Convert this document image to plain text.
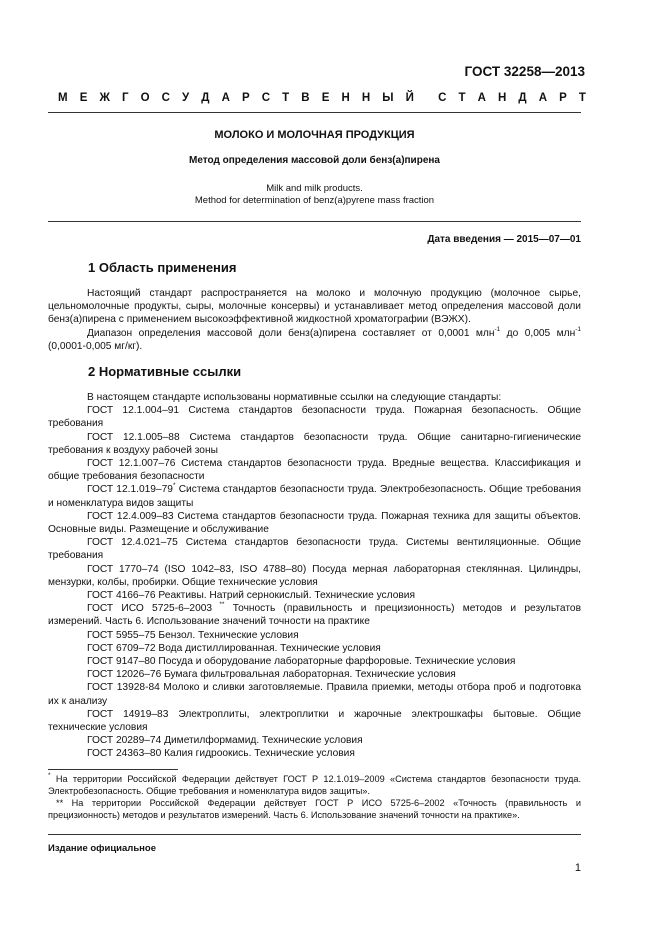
ГОСТ 32258—2013
М Е Ж Г О С У Д А Р С Т В Е Н Н Ы Й С Т А Н Д А Р Т
МОЛОКО И МОЛОЧНАЯ ПРОДУКЦИЯ
Метод определения массовой доли бенз(а)пирена
Milk and milk products.
Method for determination of benz(a)pyrene mass fraction
Дата введения — 2015—07—01
1 Область применения

Настоящий стандарт распространяется на молоко и молочную продукцию (молочное сырье, цельномолочные продукты, сыры, молочные консервы) и устанавливает метод определения массовой доли бенз(а)пирена с применением высокоэффективной жидкостной хроматографии (ВЭЖХ).

Диапазон определения массовой доли бенз(а)пирена составляет от 0,0001 млн$^{-1}$ до 0,005 млн$^{-1}$ (0,0001-0,005 мг/кг).

2 Нормативные ссылки

В настоящем стандарте использованы нормативные ссылки на следующие стандарты:

ГОСТ 12.1.004–91 Система стандартов безопасности труда. Пожарная безопасность. Общие требования

ГОСТ 12.1.005–88 Система стандартов безопасности труда. Общие санитарно-гигиенические требования к воздуху рабочей зоны

ГОСТ 12.1.007–76 Система стандартов безопасности труда. Вредные вещества. Классификация и общие требования безопасности

ГОСТ 12.1.019–79* Система стандартов безопасности труда. Электробезопасность. Общие требования и номенклатура видов защиты

ГОСТ 12.4.009–83 Система стандартов безопасности труда. Пожарная техника для защиты объектов. Основные виды. Размещение и обслуживание

ГОСТ 12.4.021–75 Система стандартов безопасности труда. Системы вентиляционные. Общие требования

ГОСТ 1770–74 (ISO 1042–83, ISO 4788–80) Посуда мерная лабораторная стеклянная. Цилиндры, мензурки, колбы, пробирки. Общие технические условия

ГОСТ 4166–76 Реактивы. Натрий сернокислый. Технические условия

ГОСТ ИСО 5725-6–2003 ** Точность (правильность и прецизионность) методов и результатов измерений. Часть 6. Использование значений точности на практике

ГОСТ 5955–75 Бензол. Технические условия

ГОСТ 6709–72 Вода дистиллированная. Технические условия

ГОСТ 9147–80 Посуда и оборудование лабораторные фарфоровые. Технические условия

ГОСТ 12026–76 Бумага фильтровальная лабораторная. Технические условия

ГОСТ 13928-84 Молоко и сливки заготовляемые. Правила приемки, методы отбора проб и подготовка их к анализу

ГОСТ 14919–83 Электроплиты, электроплитки и жарочные электрошкафы бытовые. Общие технические условия

ГОСТ 20289–74 Диметилформамид. Технические условия

ГОСТ 24363–80 Калия гидроокись. Технические условия

* На территории Российской Федерации действует ГОСТ Р 12.1.019–2009 «Система стандартов безопасности труда. Электробезопасность. Общие требования и номенклатура видов защиты».

** На территории Российской Федерации действует ГОСТ Р ИСО 5725-6–2002 «Точность (правильность и прецизионность) методов и результатов измерений. Часть 6. Использование значений точности на практике».

Издание официальное
1
